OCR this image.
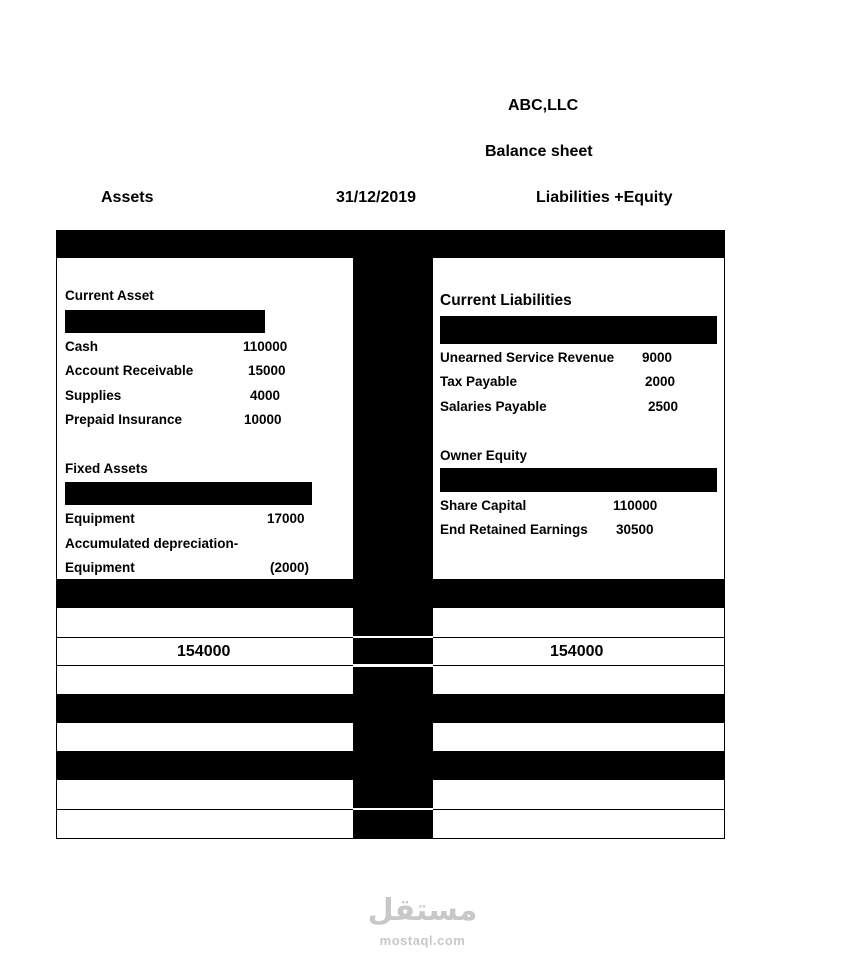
ABC,LLC
Balance sheet
Assets	31/12/2019	Liabilities +Equity
Current Asset
Cash	110000
Account Receivable	15000
Supplies	4000
Prepaid Insurance	10000
Fixed Assets
Equipment	17000
Accumulated depreciation-
Equipment	(2000)
Current Liabilities
Unearned Service Revenue 9000
Tax Payable	2000
Salaries Payable	2500
Owner Equity
Share Capital	110000
End Retained Earnings 30500
154000	154000
مستقل
mostaql.com
